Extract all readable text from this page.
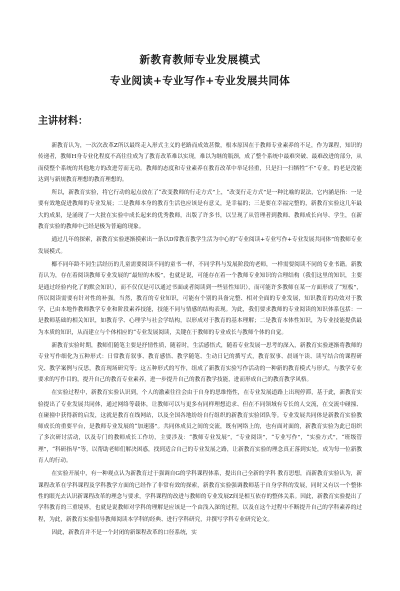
新教育教师专业发展模式
专业阅读+专业写作+专业发展共同体
主讲材料：

新教育认为，一次次改革Z所以最终走入形式主义的老路而成效甚微，根本原因在于教师专业素养的不足，作为课程，知识的传递者，教师H身专业化程度不高往往成为了教育改革难以实现，难以为继的瓶颈，成了整个系统中最难突破、最难改进的部分，从而使整个系统的其他地方的改进劳而无功。教师的态度和专业素养在教育改革中举足轻重，只是扫一扫牺牲“不”专业，的老是没能达到与新规教育理想的教育理想的。

所以，新教育实验，将它行动的起点放在了“改变教师的行走方式”上，“改变行走方式”是一种比喻的说法，它内涵是指：一是要有效地促进教师的专业发展；二是教师本身的教育生活也应该是有意义，是幸福的；三是要在幸福完整的，新教育实验这几年最大的成果，是涌现了一大批在实验中成长起来的优秀教师，出版了许多书，以呈现了从管理者到教师、教师成长向导、学生，在新教育实验的教师中已经是极为普遍的现象。

通过几年的探索，新教育实验逐渐摸索出一条以D常教育教学生活为中心的“专业阅读+专业写作+专业发展共同体”的教师专业发展模式。

椰不同年龄不同生活经历的儿童需要阅读不同的童书一样，不同学科与发展阶段的老师，一样需要阅读不同的专业书籍。新教育认为，存在着阅读教师专业发展的“最短的木板”，也就是说，可能存在着一个教师专业知识的合理结构（我们这里的知识，主要是通过经验内化了的默会知识），而不仅仅是可以通过书面或者阅读到一些显性知识），而可能许多教师在某一方面形成了“短板”，所以阅读需要有针对性的补强。当然，教育的专业知识，可能有个别的具备完整、相对全面的专业发展，知识教育的功效对于教学，已由本地作教师教学专业和阶段素养技能，技能不同与情感的结构表现。为此，我们要求教师的专业阅读的知识体系包括：一是教师基础的相关知识，如教育学、心理学与社会学结构，以形成对于教育的基本理解；二是教育本体性知识，为专业技能提供最为本质的知识，从而建立与个体相应的“专业发展阅读，关键在于教师的专业成长与教师个体的自觉。

新教育实验时期，教师们随笔主要是抒情性质，随着时，生活感悟式，随着专业发展一思考的深入，新教育实验逐渐将教师的专业写作细化为五种形式：日常教育叙事、教育感悟、教学随笔、生动日记的撰写式，教育叙事、晨诵午读、读写结合的课程研究、教学案例与反思，教育现场研究等；这五种形式的写作，组成了新教育实验写作活动的一种新的教育模式与形式，与教学专业要求的写作目的，提升自己的教育专业素养，进一步提升自己的教育教学技能，进而形成自己的教育教学风格。

在实验过程中，新教育实验认识到，个人的激素往往会由于自身的思维惰性，在专业发展道路上出现停滞，基于此，新教育实验提出了专业发展共同体，通过网络等载体，让教师可以与更多有同样理想追求、但在不同领域有专长的人交流，在交流中碰撞、在碰撞中获得新的启发，这就是教育在线网站，以及全国各地纷纷自行组织的新教育实验团队等。专业发展共同体是新教育实验教师成长的重要平台，是教师专业发展的“加速器”。共同体成员之间的交流，既有网络上的，也有面对面的，新教育实验为此已组织了多次研讨活动，以及专门的教师成长工作坊，主要涉及：“教师专业发展”，“专业阅读”，“专业写作”，“实验方式”，“班级管理”，“科研指导”等，以帮助老师们解决困惑，找到适合自己的专业发展之路，让新教育实验的理念真正落到实处，成为每一位新教育人的行动。

在实验开展中，有一种观点认为新教育过于强调自G的学科课程体系，提出自己全新的学科 教育思想，而新教育实验认为，新课程改革在学科课程及学科教学方面的已经作了非常有效的探索，新教育实验强调教师基于自身学科的发展，同时又有以一个整体性的眼光去认识新课程改革的理念与要求，学科课程的改进与教师的专业发展Z间是相互依存的整体关系。因此，新教育实验提出了学科教育的三重境界，也就是说教师对学科的理解是应该是一个由浅入深的过程，以及在这个过程中不断提升自己的学科素养的过程，为此，新教育实验倡导教师阅读本学科的经典、进行学科研究，并撰写学科专业研究论文。

因此，新教育并不是一个封闭的新课程改革的口径系统，实
